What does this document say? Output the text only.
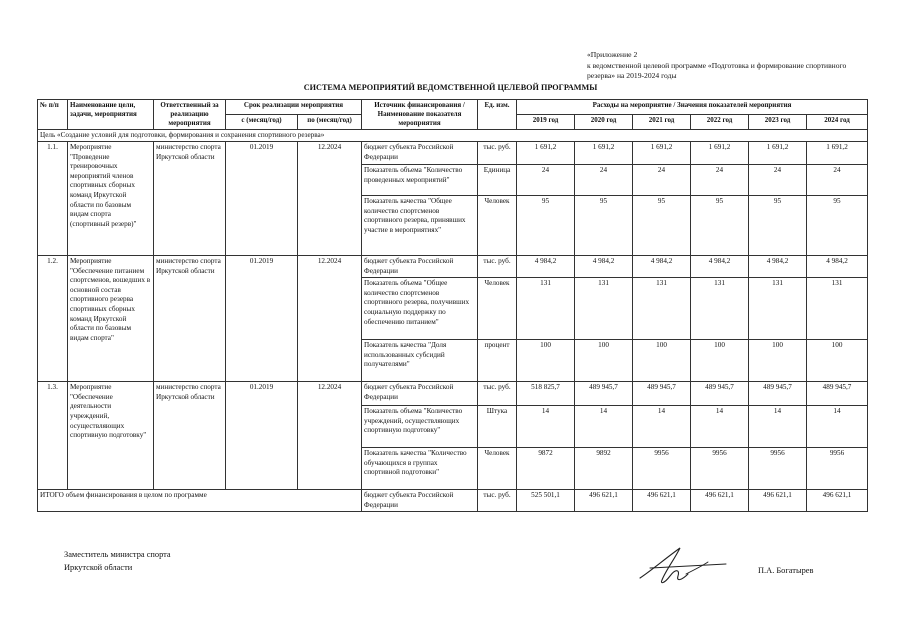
«Приложение 2
к ведомственной целевой программе «Подготовка и формирование спортивного
резерва» на 2019-2024 годы
СИСТЕМА МЕРОПРИЯТИЙ ВЕДОМСТВЕННОЙ ЦЕЛЕВОЙ ПРОГРАММЫ
№ п/п	Наименование цели, задачи, мероприятия	Ответственный за реализацию мероприятия	Срок реализации мероприятия		Источник финансирования / Наименование показателя мероприятия	Ед. изм.	Расходы на мероприятие / Значения показателей мероприятия					
			с (месяц/год)	по (месяц/год)			2019 год	2020 год	2021 год	2022 год	2023 год	2024 год
Цель «Создание условий для подготовки, формирования и сохранения спортивного резерва»												
1.1.	Мероприятие "Проведение тренировочных мероприятий членов спортивных сборных команд Иркутской области по базовым видам спорта (спортивный резерв)"	министерство спорта Иркутской области	01.2019	12.2024	бюджет субъекта Российской Федерации	тыс. руб.	1 691,2	1 691,2	1 691,2	1 691,2	1 691,2	1 691,2
					Показатель объема "Количество проведенных мероприятий"	Единица	24	24	24	24	24	24
					Показатель качества "Общее количество спортсменов спортивного резерва, принявших участие в мероприятиях"	Человек	95	95	95	95	95	95
1.2.	Мероприятие "Обеспечение питанием спортсменов, вошедших в основной состав спортивного резерва спортивных сборных команд Иркутской области по базовым видам спорта"	министерство спорта Иркутской области	01.2019	12.2024	бюджет субъекта Российской Федерации	тыс. руб.	4 984,2	4 984,2	4 984,2	4 984,2	4 984,2	4 984,2
					Показатель объема "Общее количество спортсменов спортивного резерва, получивших социальную поддержку по обеспечению питанием"	Человек	131	131	131	131	131	131
					Показатель качества "Доля использованных субсидий получателями"	процент	100	100	100	100	100	100
1.3.	Мероприятие "Обеспечение деятельности учреждений, осуществляющих спортивную подготовку"	министерство спорта Иркутской области	01.2019	12.2024	бюджет субъекта Российской Федерации	тыс. руб.	518 825,7	489 945,7	489 945,7	489 945,7	489 945,7	489 945,7
					Показатель объема "Количество учреждений, осуществляющих спортивную подготовку"	Штука	14	14	14	14	14	14
					Показатель качества "Количество обучающихся в группах спортивной подготовки"	Человек	9872	9892	9956	9956	9956	9956
ИТОГО объем финансирования в целом по программе					бюджет субъекта Российской Федерации	тыс. руб.	525 501,1	496 621,1	496 621,1	496 621,1	496 621,1	496 621,1
Заместитель министра спорта
Иркутской области	П.А. Богатырев
